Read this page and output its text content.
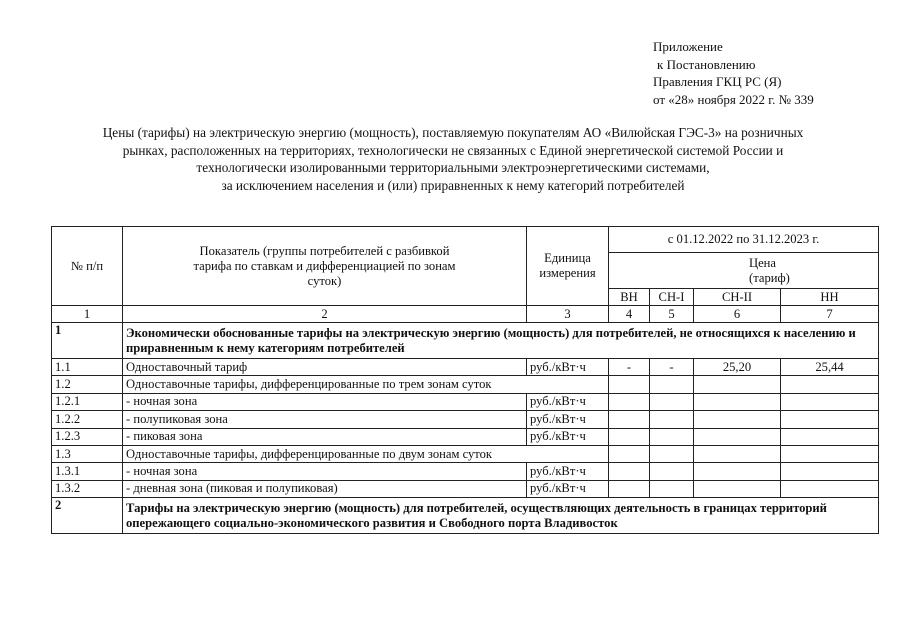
Приложение
к Постановлению
Правления ГКЦ РС (Я)
от «28» ноября 2022 г. № 339
Цены (тарифы) на электрическую энергию (мощность), поставляемую покупателям АО «Вилюйская ГЭС-3» на розничных
рынках, расположенных на территориях, технологически не связанных с Единой энергетической системой России и
технологически изолированными территориальными электроэнергетическими системами,
за исключением населения и (или) приравненных к нему категорий потребителей
№ п/п	Показатель (группы потребителей с разбивкой тарифа по ставкам и дифференциацией по зонам суток)	Единица измерения	с 01.12.2022 по 31.12.2023 г.			
			Цена (тариф)			
			ВН	СН-I	СН-II	НН
1	2	3	4	5	6	7
1	Экономически обоснованные тарифы на электрическую энергию (мощность) для потребителей, не относящихся к населению и приравненным к нему категориям потребителей					
1.1	Одноставочный тариф	руб./кВт·ч	-	-	25,20	25,44
1.2	Одноставочные тарифы, дифференцированные по трем зонам суток					
1.2.1	- ночная зона	руб./кВт·ч				
1.2.2	- полупиковая зона	руб./кВт·ч				
1.2.3	- пиковая зона	руб./кВт·ч				
1.3	Одноставочные тарифы, дифференцированные по двум зонам суток					
1.3.1	- ночная зона	руб./кВт·ч				
1.3.2	- дневная зона (пиковая и полупиковая)	руб./кВт·ч				
2	Тарифы на электрическую энергию (мощность) для потребителей, осуществляющих деятельность в границах территорий опережающего социально-экономического развития и Свободного порта Владивосток					
